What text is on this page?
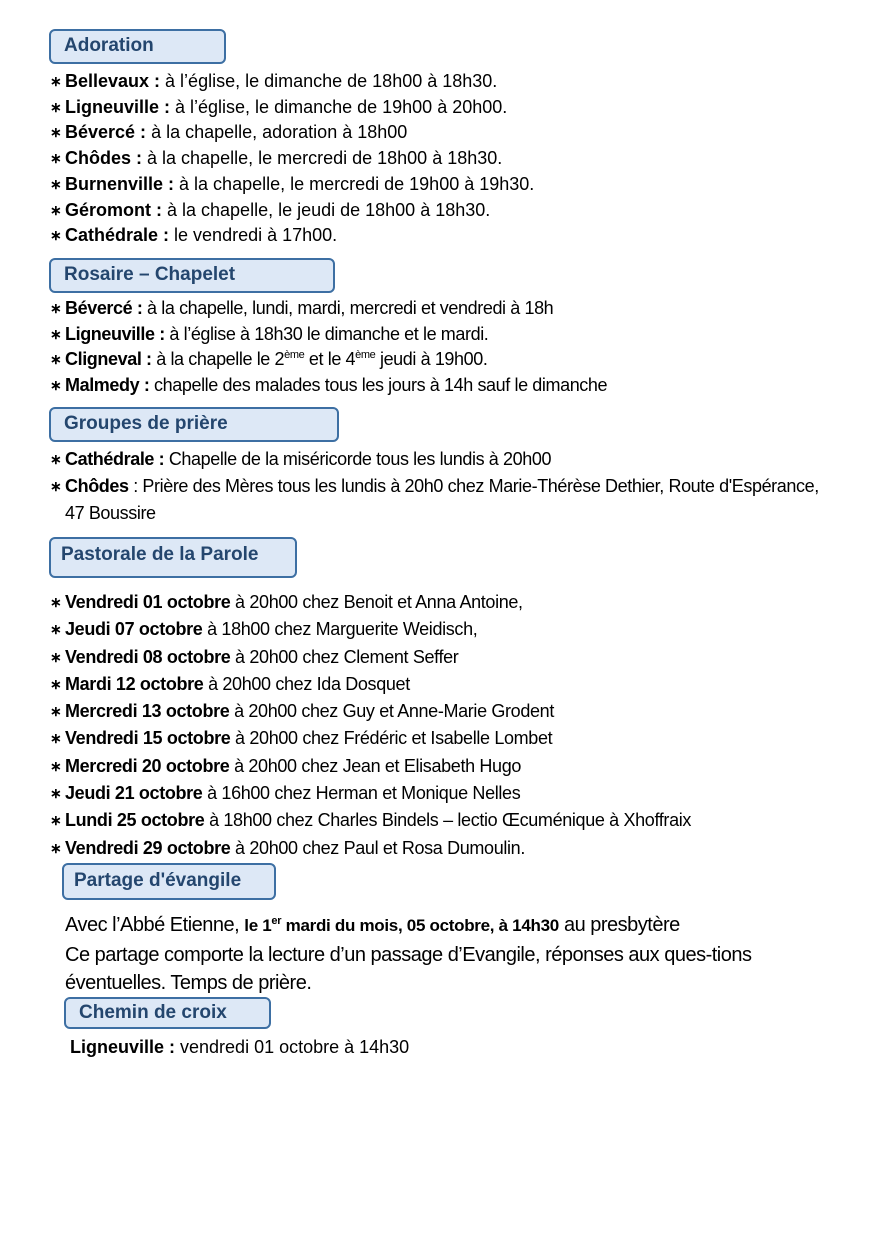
Adoration
∗ Bellevaux : à l’église, le dimanche de 18h00 à 18h30.
∗ Ligneuville : à l’église, le dimanche de 19h00 à 20h00.
∗ Bévercé : à la chapelle, adoration à 18h00
∗ Chôdes : à la chapelle, le mercredi de 18h00 à 18h30.
∗ Burnenville : à la chapelle, le mercredi de 19h00 à 19h30.
∗ Géromont : à la chapelle, le jeudi de 18h00 à 18h30.
∗ Cathédrale : le vendredi à 17h00.
Rosaire – Chapelet
∗ Bévercé : à la chapelle, lundi, mardi, mercredi et vendredi à 18h
∗ Ligneuville : à l’église à 18h30 le dimanche et le mardi.
∗ Cligneval : à la chapelle le 2ème et le 4ème jeudi à 19h00.
∗ Malmedy : chapelle des malades tous les jours à 14h sauf le dimanche
Groupes de prière
∗ Cathédrale : Chapelle de la miséricorde tous les lundis à 20h00
∗ Chôdes : Prière des Mères tous les lundis à 20h0 chez Marie-Thérèse Dethier, Route d'Espérance, 47 Boussire
Pastorale de la Parole
∗ Vendredi 01 octobre à 20h00 chez Benoit et Anna Antoine,
∗ Jeudi 07 octobre à 18h00 chez Marguerite Weidisch,
∗ Vendredi 08 octobre à 20h00 chez Clement Seffer
∗ Mardi 12 octobre à 20h00 chez Ida Dosquet
∗ Mercredi 13 octobre à 20h00 chez Guy et Anne-Marie Grodent
∗ Vendredi 15 octobre à 20h00 chez Frédéric et Isabelle Lombet
∗ Mercredi 20 octobre à 20h00 chez Jean et Elisabeth Hugo
∗ Jeudi 21 octobre à 16h00 chez Herman et Monique Nelles
∗ Lundi 25 octobre à 18h00 chez Charles Bindels – lectio Œcuménique à Xhoffraix
∗ Vendredi 29 octobre à 20h00 chez Paul et Rosa Dumoulin.
Partage d'évangile
Avec l’Abbé Etienne, le 1er mardi du mois, 05 octobre, à 14h30 au presbytère
Ce partage comporte la lecture d’un passage d’Evangile, réponses aux ques-tions éventuelles. Temps de prière.
Chemin de croix
Ligneuville : vendredi 01 octobre à 14h30
